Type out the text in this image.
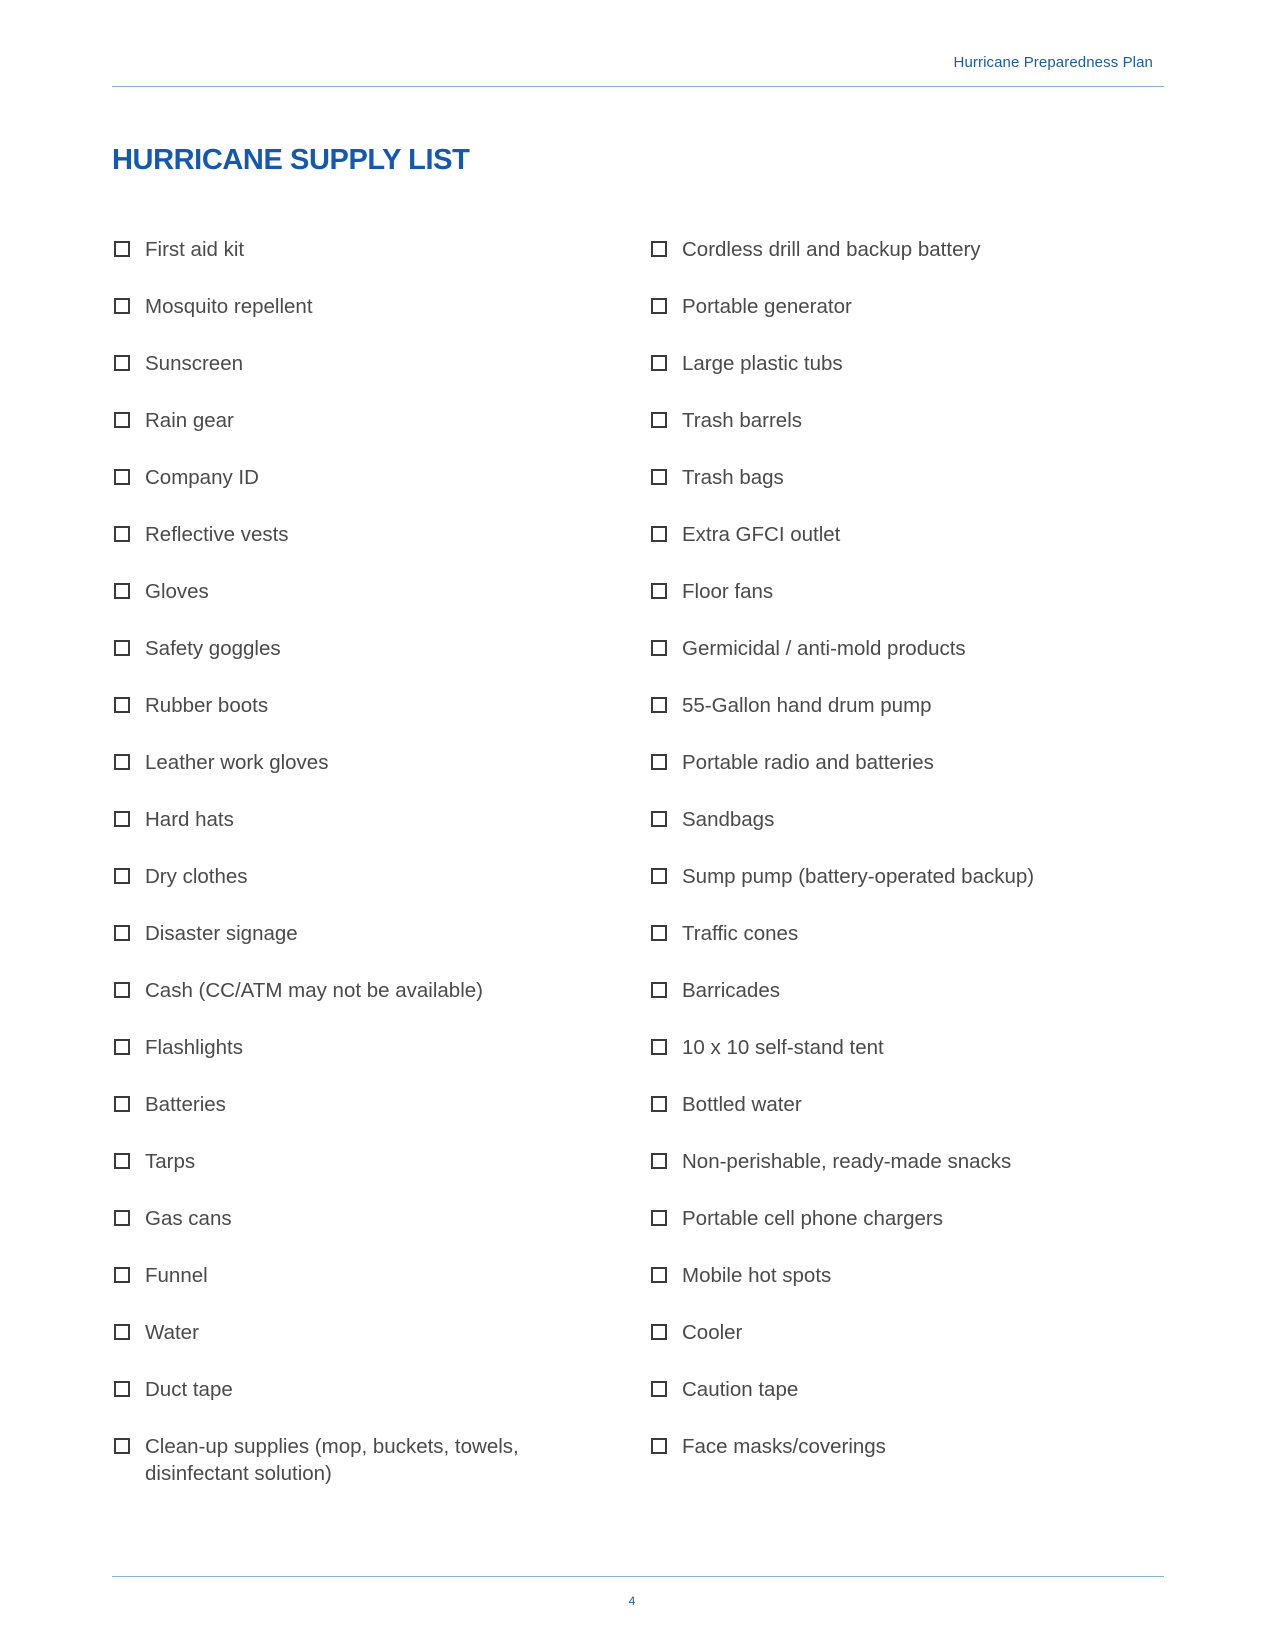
Hurricane Preparedness Plan
HURRICANE SUPPLY LIST
First aid kit
Mosquito repellent
Sunscreen
Rain gear
Company ID
Reflective vests
Gloves
Safety goggles
Rubber boots
Leather work gloves
Hard hats
Dry clothes
Disaster signage
Cash (CC/ATM may not be available)
Flashlights
Batteries
Tarps
Gas cans
Funnel
Water
Duct tape
Clean-up supplies (mop, buckets, towels, disinfectant solution)
Cordless drill and backup battery
Portable generator
Large plastic tubs
Trash barrels
Trash bags
Extra GFCI outlet
Floor fans
Germicidal / anti-mold products
55-Gallon hand drum pump
Portable radio and batteries
Sandbags
Sump pump (battery-operated backup)
Traffic cones
Barricades
10 x 10 self-stand tent
Bottled water
Non-perishable, ready-made snacks
Portable cell phone chargers
Mobile hot spots
Cooler
Caution tape
Face masks/coverings
4
